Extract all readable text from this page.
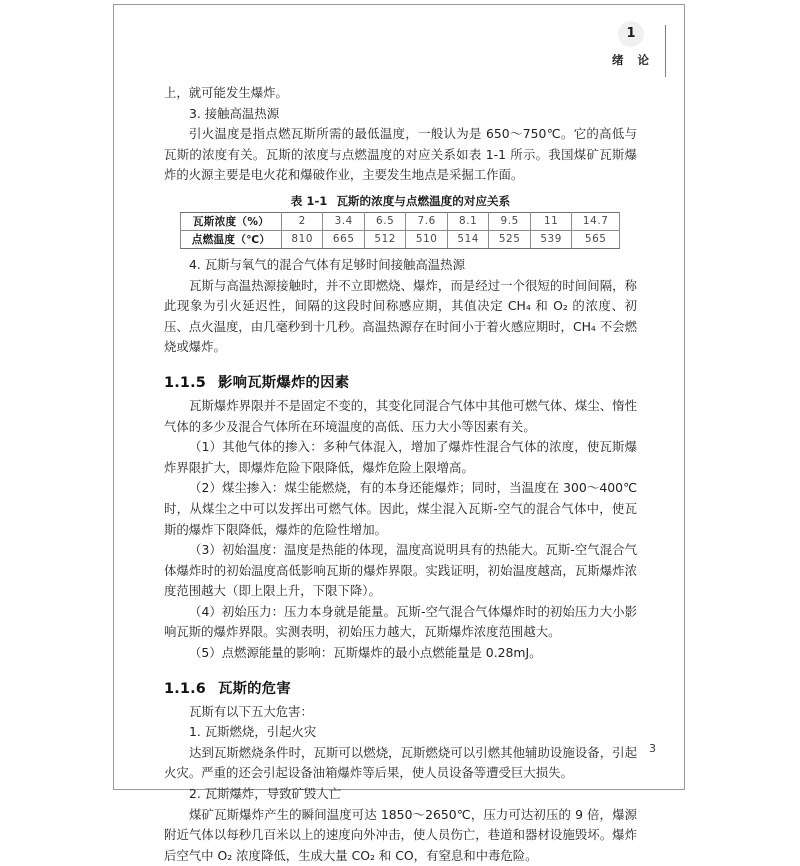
1
绪 论

上，就可能发生爆炸。

3. 接触高温热源

引火温度是指点燃瓦斯所需的最低温度，一般认为是 650～750℃。它的高低与瓦斯的浓度有关。瓦斯的浓度与点燃温度的对应关系如表 1-1 所示。我国煤矿瓦斯爆炸的火源主要是电火花和爆破作业，主要发生地点是采掘工作面。

表 1-1 瓦斯的浓度与点燃温度的对应关系
瓦斯浓度（%）	2	3.4	6.5	7.6	8.1	9.5	11	14.7
点燃温度（℃）	810	665	512	510	514	525	539	565

4. 瓦斯与氧气的混合气体有足够时间接触高温热源

瓦斯与高温热源接触时，并不立即燃烧、爆炸，而是经过一个很短的时间间隔，称此现象为引火延迟性，间隔的这段时间称感应期，其值决定 CH₄ 和 O₂ 的浓度、初压、点火温度，由几毫秒到十几秒。高温热源存在时间小于着火感应期时，CH₄ 不会燃烧或爆炸。

1.1.5 影响瓦斯爆炸的因素

瓦斯爆炸界限并不是固定不变的，其变化同混合气体中其他可燃气体、煤尘、惰性气体的多少及混合气体所在环境温度的高低、压力大小等因素有关。

（1）其他气体的掺入：多种气体混入，增加了爆炸性混合气体的浓度，使瓦斯爆炸界限扩大，即爆炸危险下限降低，爆炸危险上限增高。

（2）煤尘掺入：煤尘能燃烧，有的本身还能爆炸；同时，当温度在 300～400℃时，从煤尘之中可以发挥出可燃气体。因此，煤尘混入瓦斯-空气的混合气体中，使瓦斯的爆炸下限降低，爆炸的危险性增加。

（3）初始温度：温度是热能的体现，温度高说明具有的热能大。瓦斯-空气混合气体爆炸时的初始温度高低影响瓦斯的爆炸界限。实践证明，初始温度越高，瓦斯爆炸浓度范围越大（即上限上升，下限下降）。

（4）初始压力：压力本身就是能量。瓦斯-空气混合气体爆炸时的初始压力大小影响瓦斯的爆炸界限。实测表明，初始压力越大，瓦斯爆炸浓度范围越大。

（5）点燃源能量的影响：瓦斯爆炸的最小点燃能量是 0.28mJ。

1.1.6 瓦斯的危害

瓦斯有以下五大危害：

1. 瓦斯燃烧，引起火灾

达到瓦斯燃烧条件时，瓦斯可以燃烧，瓦斯燃烧可以引燃其他辅助设施设备，引起火灾。严重的还会引起设备油箱爆炸等后果，使人员设备等遭受巨大损失。

2. 瓦斯爆炸，导致矿毁人亡

煤矿瓦斯爆炸产生的瞬间温度可达 1850～2650℃，压力可达初压的 9 倍，爆源附近气体以每秒几百米以上的速度向外冲击，使人员伤亡，巷道和器材设施毁坏。爆炸后空气中 O₂ 浓度降低，生成大量 CO₂ 和 CO，有窒息和中毒危险。

3
